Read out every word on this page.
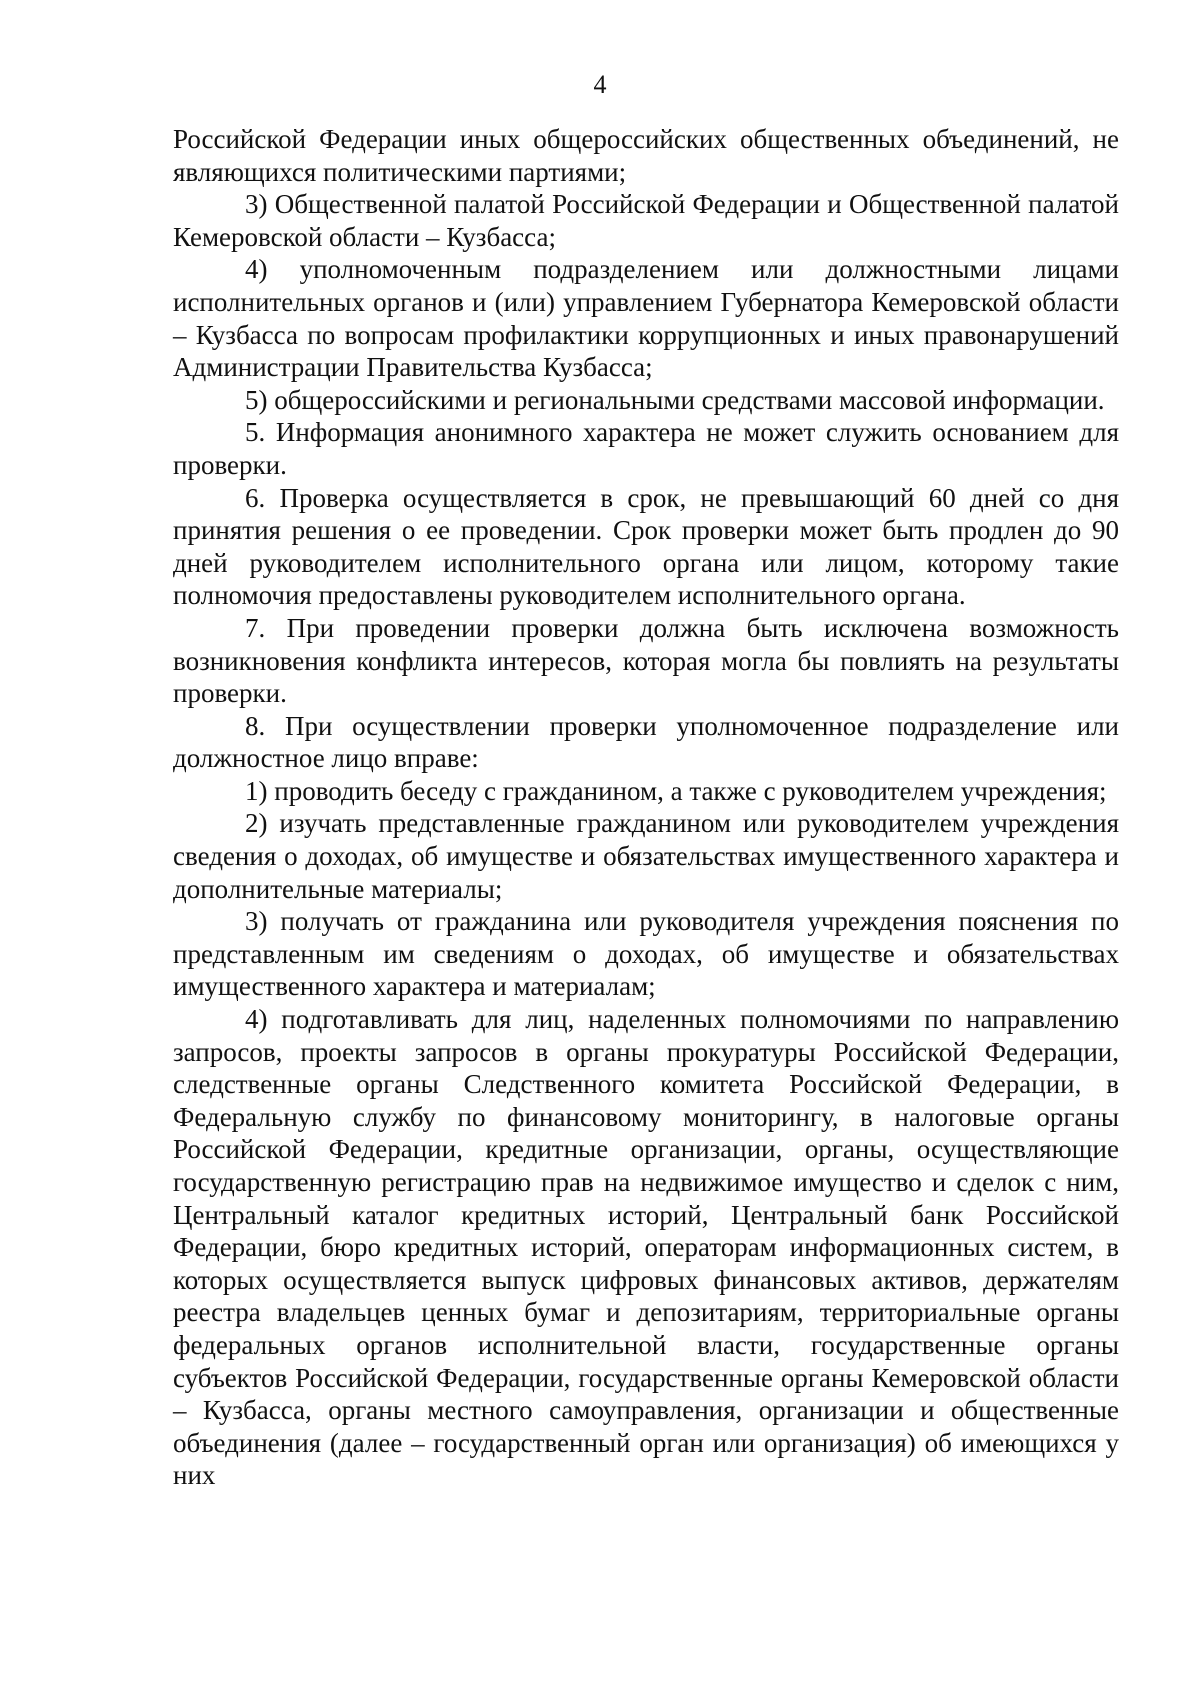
4

Российской Федерации иных общероссийских общественных объединений, не являющихся политическими партиями;

3) Общественной палатой Российской Федерации и Общественной палатой Кемеровской области – Кузбасса;

4) уполномоченным подразделением или должностными лицами исполнительных органов и (или) управлением Губернатора Кемеровской области – Кузбасса по вопросам профилактики коррупционных и иных правонарушений Администрации Правительства Кузбасса;

5) общероссийскими и региональными средствами массовой информации.

5. Информация анонимного характера не может служить основанием для проверки.

6. Проверка осуществляется в срок, не превышающий 60 дней со дня принятия решения о ее проведении. Срок проверки может быть продлен до 90 дней руководителем исполнительного органа или лицом, которому такие полномочия предоставлены руководителем исполнительного органа.

7. При проведении проверки должна быть исключена возможность возникновения конфликта интересов, которая могла бы повлиять на результаты проверки.

8. При осуществлении проверки уполномоченное подразделение или должностное лицо вправе:

1) проводить беседу с гражданином, а также с руководителем учреждения;

2) изучать представленные гражданином или руководителем учреждения сведения о доходах, об имуществе и обязательствах имущественного характера и дополнительные материалы;

3) получать от гражданина или руководителя учреждения пояснения по представленным им сведениям о доходах, об имуществе и обязательствах имущественного характера и материалам;

4) подготавливать для лиц, наделенных полномочиями по направлению запросов, проекты запросов в органы прокуратуры Российской Федерации, следственные органы Следственного комитета Российской Федерации, в Федеральную службу по финансовому мониторингу, в налоговые органы Российской Федерации, кредитные организации, органы, осуществляющие государственную регистрацию прав на недвижимое имущество и сделок с ним, Центральный каталог кредитных историй, Центральный банк Российской Федерации, бюро кредитных историй, операторам информационных систем, в которых осуществляется выпуск цифровых финансовых активов, держателям реестра владельцев ценных бумаг и депозитариям, территориальные органы федеральных органов исполнительной власти, государственные органы субъектов Российской Федерации, государственные органы Кемеровской области – Кузбасса, органы местного самоуправления, организации и общественные объединения (далее – государственный орган или организация) об имеющихся у них
